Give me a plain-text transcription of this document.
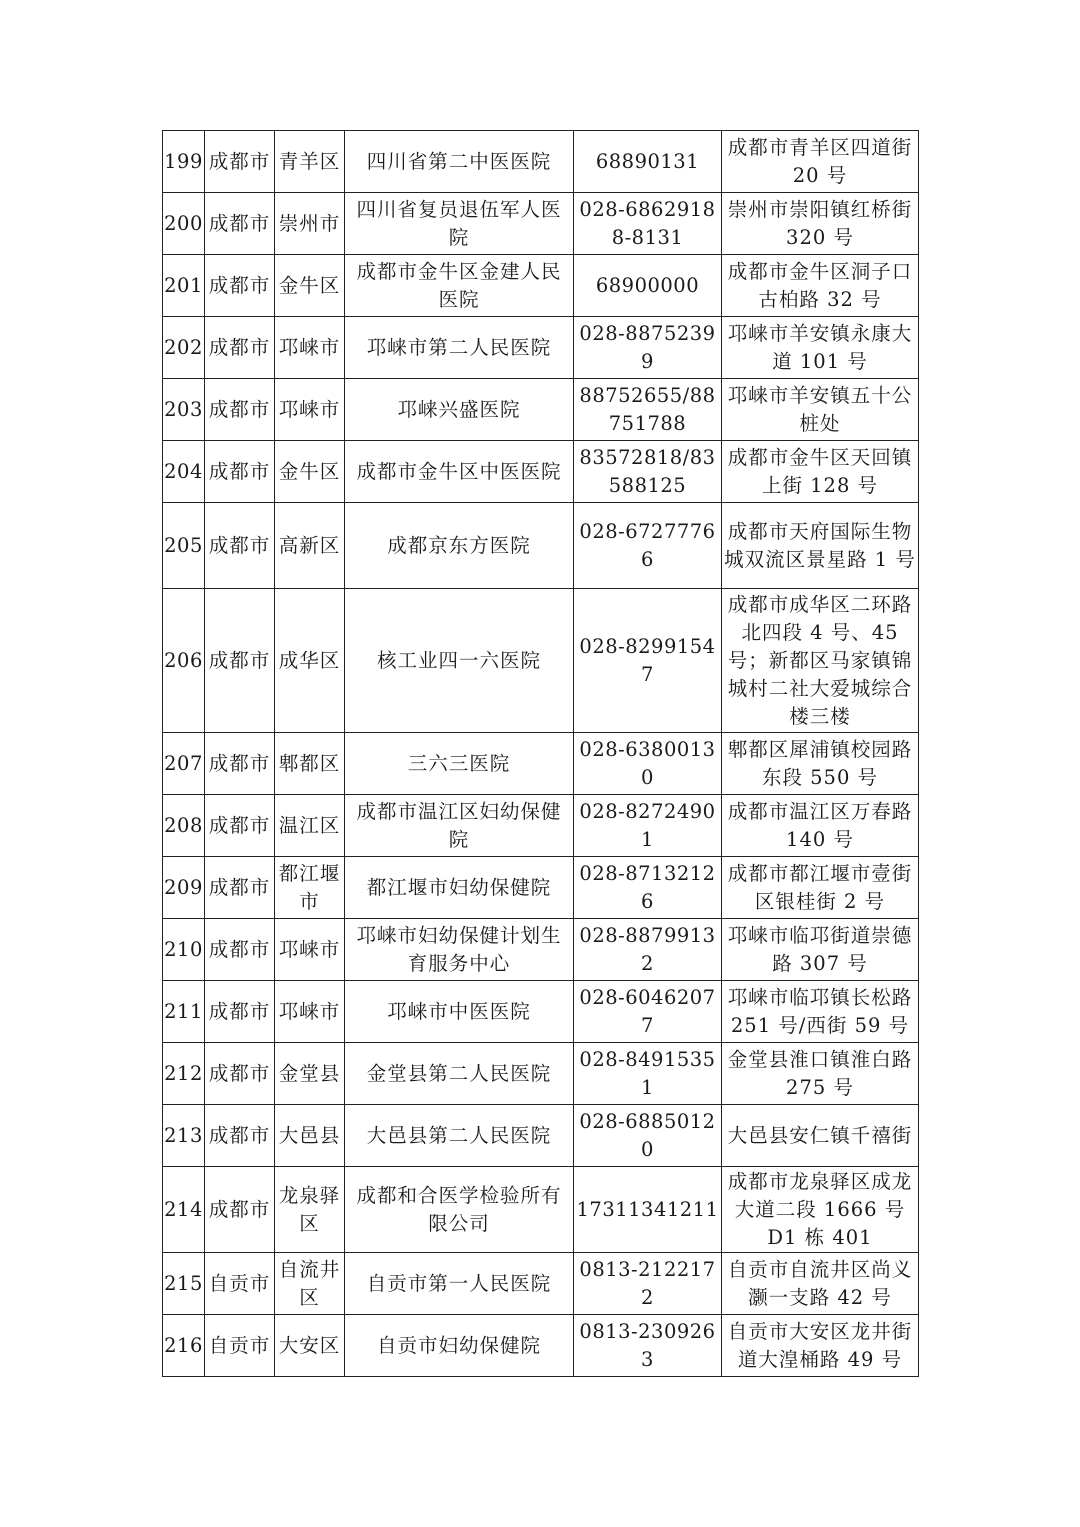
199	成都市	青羊区	四川省第二中医医院	68890131	成都市青羊区四道街 20 号
200	成都市	崇州市	四川省复员退伍军人医院	028-68629188-8131	崇州市崇阳镇红桥街 320 号
201	成都市	金牛区	成都市金牛区金建人民医院	68900000	成都市金牛区洞子口古柏路 32 号
202	成都市	邛崃市	邛崃市第二人民医院	028-88752399	邛崃市羊安镇永康大道 101 号
203	成都市	邛崃市	邛崃兴盛医院	88752655/88751788	邛崃市羊安镇五十公桩处
204	成都市	金牛区	成都市金牛区中医医院	83572818/83588125	成都市金牛区天回镇上街 128 号
205	成都市	高新区	成都京东方医院	028-67277766	成都市天府国际生物城双流区景星路 1 号
206	成都市	成华区	核工业四一六医院	028-82991547	成都市成华区二环路北四段 4 号、45 号；新都区马家镇锦城村二社大爱城综合楼三楼
207	成都市	郫都区	三六三医院	028-63800130	郫都区犀浦镇校园路东段 550 号
208	成都市	温江区	成都市温江区妇幼保健院	028-82724901	成都市温江区万春路 140 号
209	成都市	都江堰市	都江堰市妇幼保健院	028-87132126	成都市都江堰市壹街区银桂街 2 号
210	成都市	邛崃市	邛崃市妇幼保健计划生育服务中心	028-88799132	邛崃市临邛街道崇德路 307 号
211	成都市	邛崃市	邛崃市中医医院	028-60462077	邛崃市临邛镇长松路 251 号/西街 59 号
212	成都市	金堂县	金堂县第二人民医院	028-84915351	金堂县淮口镇淮白路 275 号
213	成都市	大邑县	大邑县第二人民医院	028-68850120	大邑县安仁镇千禧街
214	成都市	龙泉驿区	成都和合医学检验所有限公司	17311341211	成都市龙泉驿区成龙大道二段 1666 号 D1 栋 401
215	自贡市	自流井区	自贡市第一人民医院	0813-2122172	自贡市自流井区尚义灏一支路 42 号
216	自贡市	大安区	自贡市妇幼保健院	0813-2309263	自贡市大安区龙井街道大湟桶路 49 号
